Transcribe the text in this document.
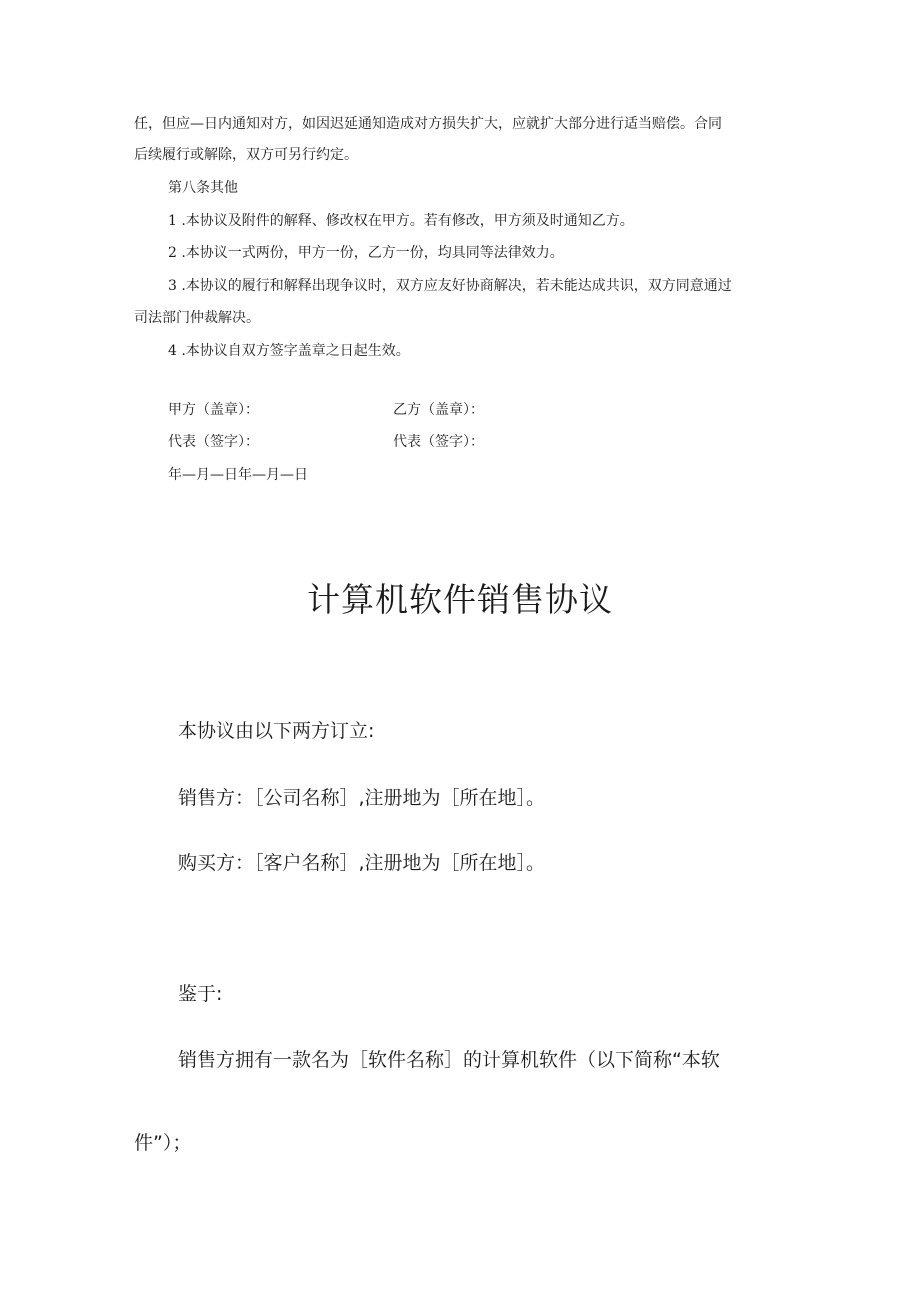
任，但应—日内通知对方，如因迟延通知造成对方损失扩大，应就扩大部分进行适当赔偿。合同
后续履行或解除，双方可另行约定。
第八条其他
1 .本协议及附件的解释、修改权在甲方。若有修改，甲方须及时通知乙方。
2 .本协议一式两份，甲方一份，乙方一份，均具同等法律效力。
3 .本协议的履行和解释出现争议时，双方应友好协商解决，若未能达成共识，双方同意通过
司法部门仲裁解决。
4 .本协议自双方签字盖章之日起生效。
甲方（盖章）：	乙方（盖章）：
代表（签字）：	代表（签字）：
年—月—日年—月—日
计算机软件销售协议
本协议由以下两方订立:
销售方：［公司名称］,注册地为［所在地］。
购买方：［客户名称］,注册地为［所在地］。
鉴于:
销售方拥有一款名为［软件名称］的计算机软件（以下简称“本软
件”）；
